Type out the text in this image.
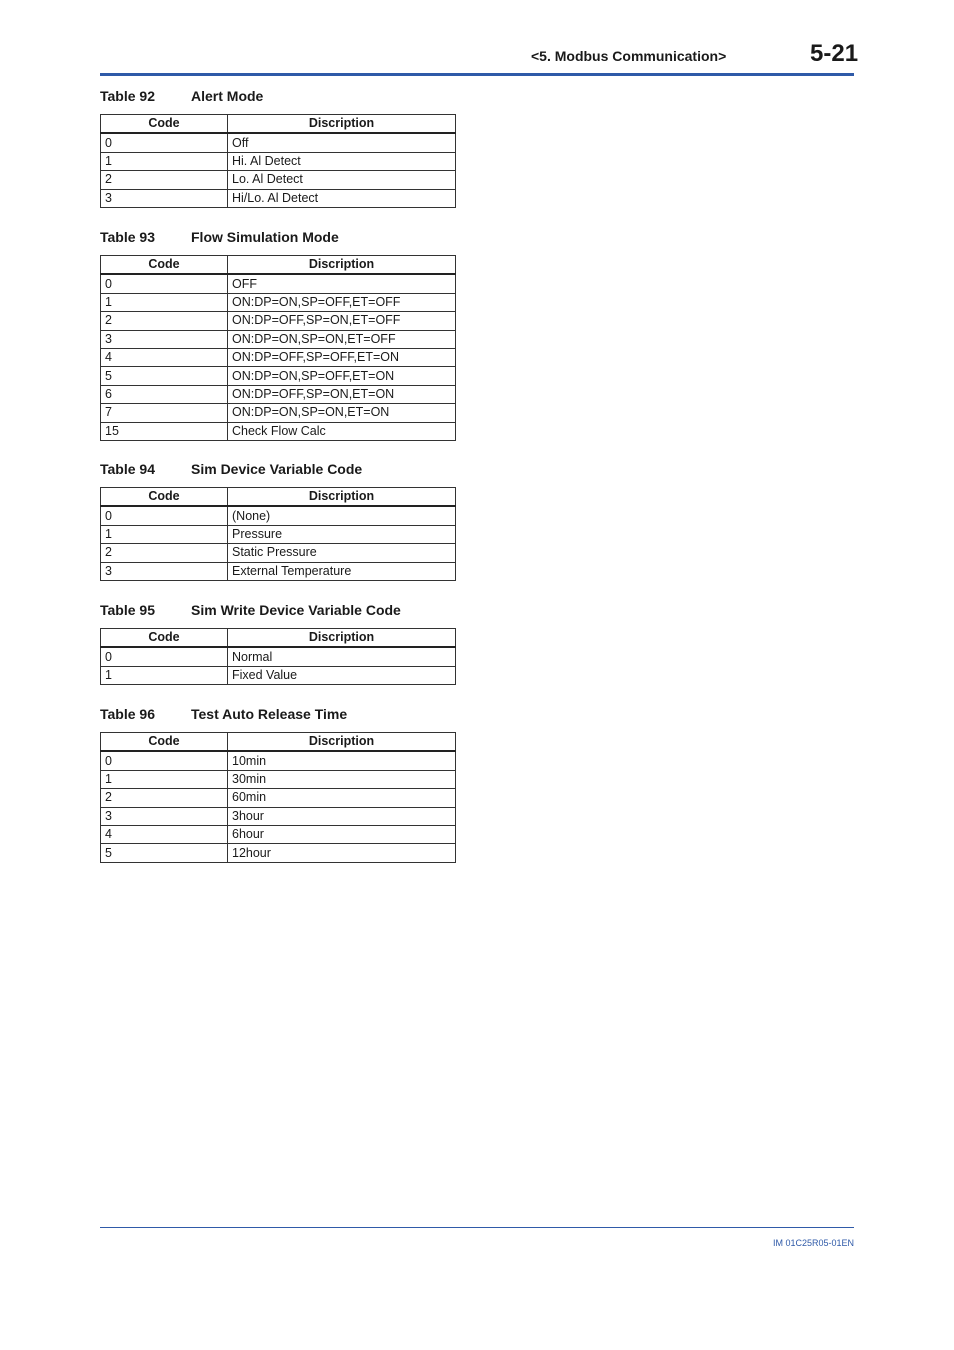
<5. Modbus Communication>	5-21
Table 92	Alert Mode
Code	Discription
0	Off
1	Hi. Al Detect
2	Lo. Al Detect
3	Hi/Lo. Al Detect
Table 93	Flow Simulation Mode
Code	Discription
0	OFF
1	ON:DP=ON,SP=OFF,ET=OFF
2	ON:DP=OFF,SP=ON,ET=OFF
3	ON:DP=ON,SP=ON,ET=OFF
4	ON:DP=OFF,SP=OFF,ET=ON
5	ON:DP=ON,SP=OFF,ET=ON
6	ON:DP=OFF,SP=ON,ET=ON
7	ON:DP=ON,SP=ON,ET=ON
15	Check Flow Calc
Table 94	Sim Device Variable Code
Code	Discription
0	(None)
1	Pressure
2	Static Pressure
3	External Temperature
Table 95	Sim Write Device Variable Code
Code	Discription
0	Normal
1	Fixed Value
Table 96	Test Auto Release Time
Code	Discription
0	10min
1	30min
2	60min
3	3hour
4	6hour
5	12hour
IM 01C25R05-01EN
